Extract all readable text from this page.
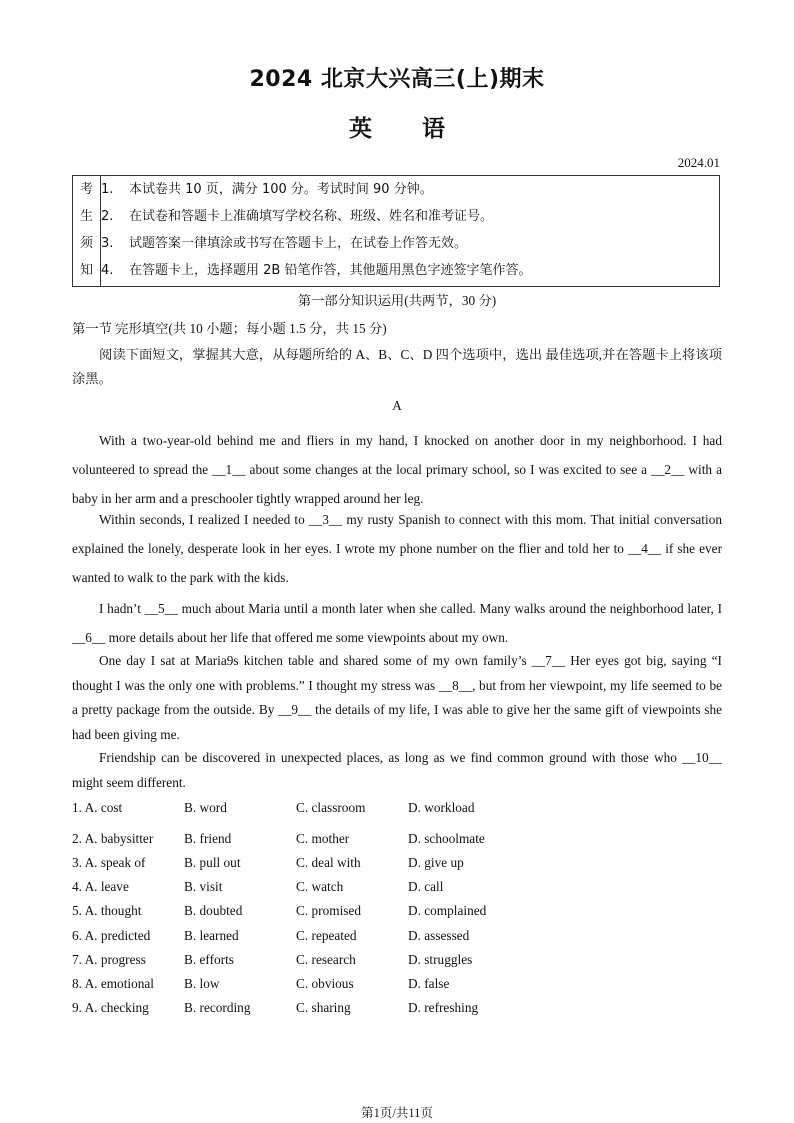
2024 北京大兴高三(上)期末
英 语
2024.01
考
生
须
知
1. 本试卷共 10 页，满分 100 分。考试时间 90 分钟。
2. 在试卷和答题卡上准确填写学校名称、班级、姓名和准考证号。
3. 试题答案一律填涂或书写在答题卡上，在试卷上作答无效。
4. 在答题卡上，选择题用 2B 铅笔作答，其他题用黑色字迹签字笔作答。
第一部分知识运用(共两节，30 分)
第一节 完形填空(共 10 小题；每小题 1.5 分，共 15 分)
阅读下面短文，掌握其大意，从每题所给的 A、B、C、D 四个选项中，选出 最佳选项,并在答题卡上将该项涂黑。
A
With a two-year-old behind me and fliers in my hand, I knocked on another door in my neighborhood. I had volunteered to spread the __1__ about some changes at the local primary school, so I was excited to see a __2__ with a baby in her arm and a preschooler tightly wrapped around her leg.
Within seconds, I realized I needed to __3__ my rusty Spanish to connect with this mom. That initial conversation explained the lonely, desperate look in her eyes. I wrote my phone number on the flier and told her to __4__ if she ever wanted to walk to the park with the kids.
I hadn’t __5__ much about Maria until a month later when she called. Many walks around the neighborhood later, I __6__ more details about her life that offered me some viewpoints about my own.
One day I sat at Maria9s kitchen table and shared some of my own family’s __7__ Her eyes got big, saying “I thought I was the only one with problems.” I thought my stress was __8__, but from her viewpoint, my life seemed to be a pretty package from the outside. By __9__ the details of my life, I was able to give her the same gift of viewpoints she had been giving me.
Friendship can be discovered in unexpected places, as long as we find common ground with those who __10__ might seem different.
1. A. cost	B. word	C. classroom	D. workload
2. A. babysitter B. friend	C. mother	D. schoolmate
3. A. speak of	B. pull out	C. deal with	D. give up
4. A. leave	B. visit	C. watch	D. call
5. A. thought	B. doubted	C. promised	D. complained
6. A. predicted	B. learned	C. repeated	D. assessed
7. A. progress	B. efforts	C. research	D. struggles
8. A. emotional B. low	C. obvious	D. false
9. A. checking	B. recording	C. sharing	D. refreshing
第1页/共11页
